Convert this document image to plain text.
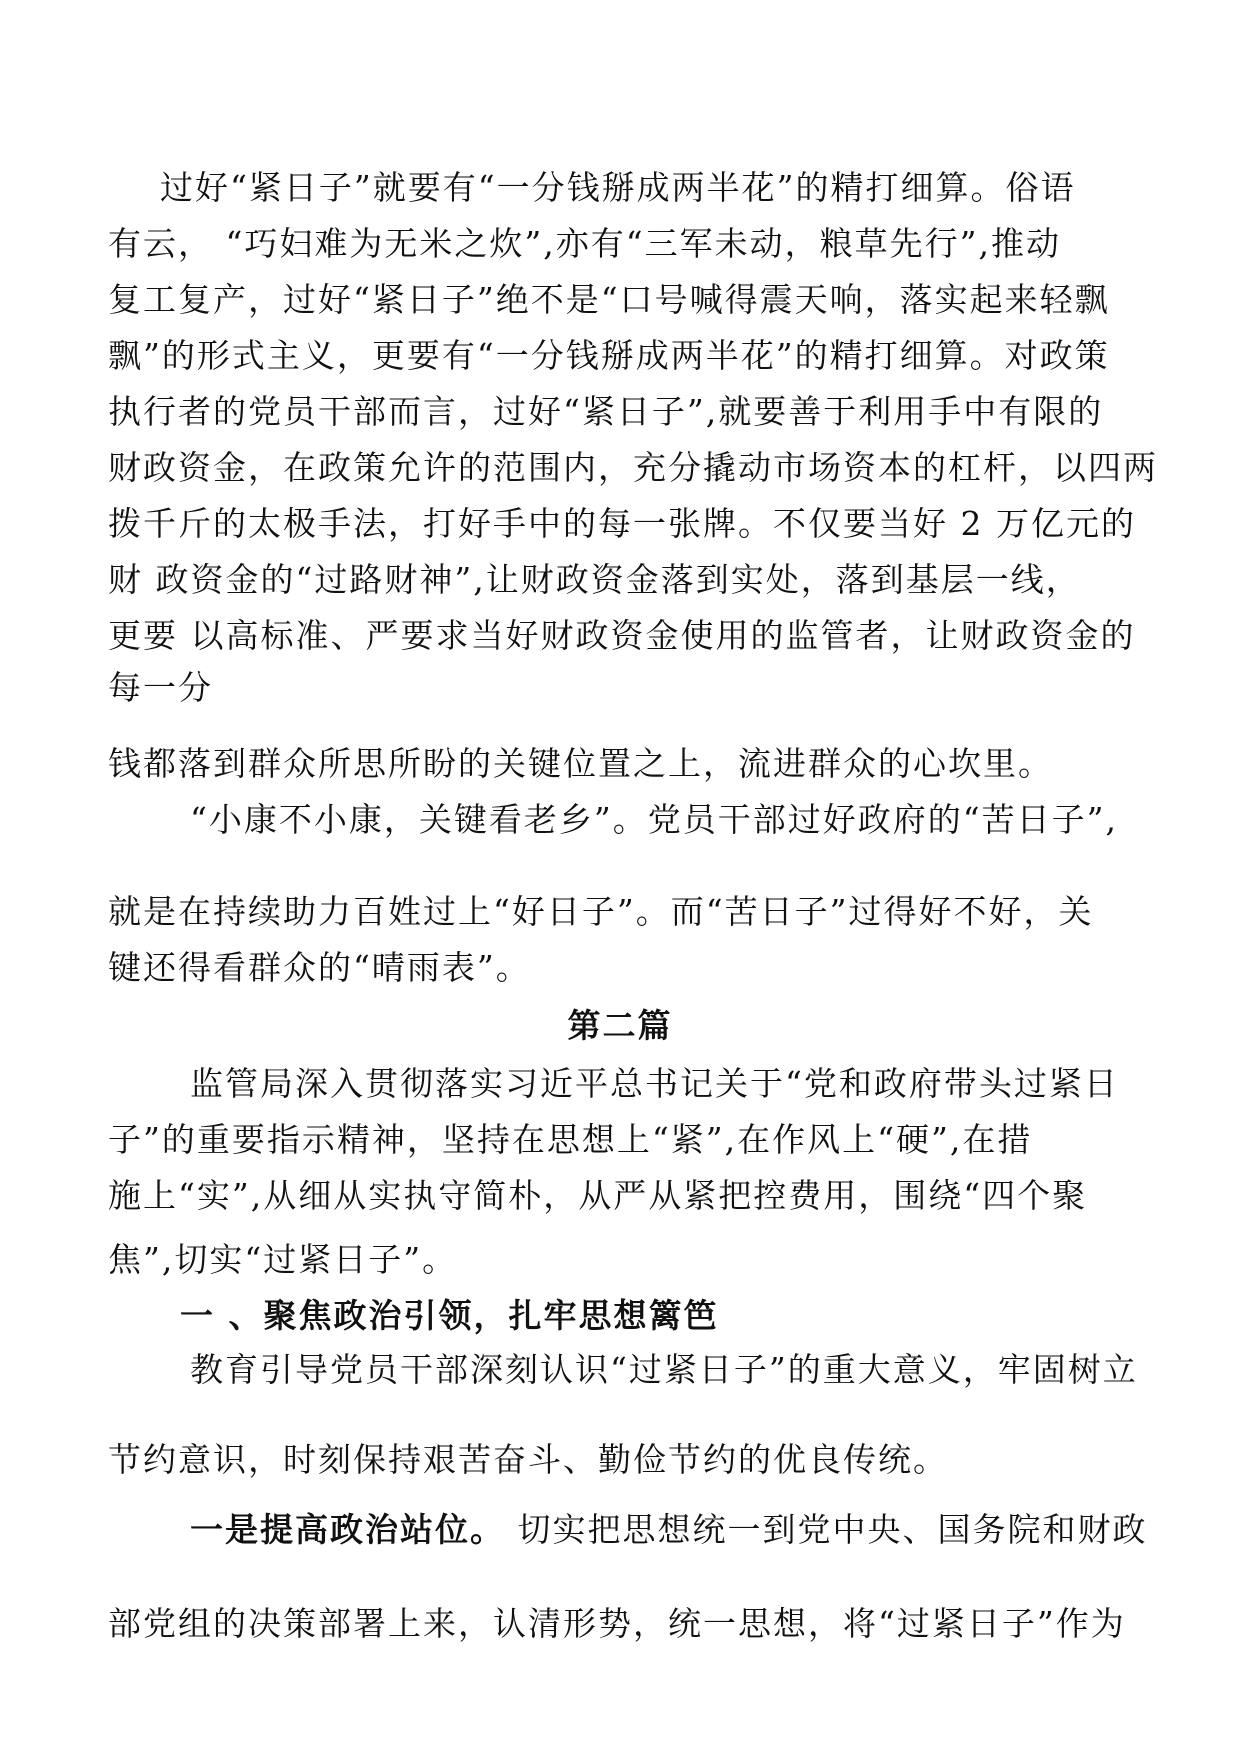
过好“紧日子”就要有“一分钱掰成两半花”的精打细算。俗语
有云， “巧妇难为无米之炊”,亦有“三军未动，粮草先行”,推动
复工复产，过好“紧日子”绝不是“口号喊得震天响，落实起来轻飘
飘”的形式主义，更要有“一分钱掰成两半花”的精打细算。对政策
执行者的党员干部而言，过好“紧日子”,就要善于利用手中有限的
财政资金，在政策允许的范围内，充分撬动市场资本的杠杆，以四两
拨千斤的太极手法，打好手中的每一张牌。不仅要当好 2 万亿元的
财 政资金的“过路财神”,让财政资金落到实处，落到基层一线，
更要 以高标准、严要求当好财政资金使用的监管者，让财政资金的
每一分
钱都落到群众所思所盼的关键位置之上，流进群众的心坎里。
“小康不小康，关键看老乡”。党员干部过好政府的“苦日子”,
就是在持续助力百姓过上“好日子”。而“苦日子”过得好不好，关
键还得看群众的“晴雨表”。
第二篇
监管局深入贯彻落实习近平总书记关于“党和政府带头过紧日
子”的重要指示精神，坚持在思想上“紧”,在作风上“硬”,在措
施上“实”,从细从实执守简朴，从严从紧把控费用，围绕“四个聚
焦”,切实“过紧日子”。
一 、聚焦政治引领，扎牢思想篱笆
教育引导党员干部深刻认识“过紧日子”的重大意义，牢固树立
节约意识，时刻保持艰苦奋斗、勤俭节约的优良传统。
一是提高政治站位。 切实把思想统一到党中央、国务院和财政
部党组的决策部署上来，认清形势，统一思想，将“过紧日子”作为
